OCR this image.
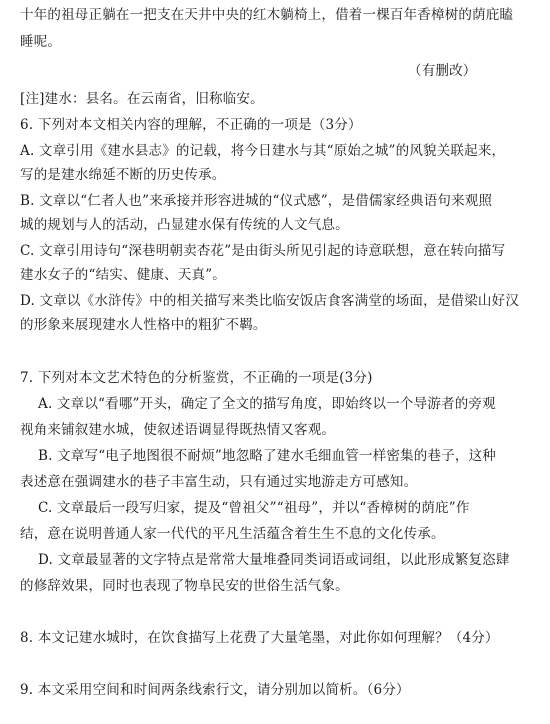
十年的祖母正躺在一把支在天井中央的红木躺椅上，借着一棵百年香樟树的荫庇瞌
睡呢。
（有删改）
[注]建水：县名。在云南省，旧称临安。
6. 下列对本文相关内容的理解，不正确的一项是（3分）
A. 文章引用《建水县志》的记载，将今日建水与其“原始之城”的风貌关联起来，
写的是建水绵延不断的历史传承。
B. 文章以“仁者人也”来承接并形容进城的“仪式感”，是借儒家经典语句来观照
城的规划与人的活动，凸显建水保有传统的人文气息。
C. 文章引用诗句“深巷明朝卖杏花”是由街头所见引起的诗意联想，意在转向描写
建水女子的“结实、健康、天真”。
D. 文章以《水浒传》中的相关描写来类比临安饭店食客满堂的场面，是借梁山好汉
的形象来展现建水人性格中的粗犷不羁。
7. 下列对本文艺术特色的分析鉴赏，不正确的一项是(3分)
A. 文章以“看哪”开头，确定了全文的描写角度，即始终以一个导游者的旁观
视角来铺叙建水城，使叙述语调显得既热情又客观。
B. 文章写“电子地图很不耐烦”地忽略了建水毛细血管一样密集的巷子，这种
表述意在强调建水的巷子丰富生动，只有通过实地游走方可感知。
C. 文章最后一段写归家，提及“曾祖父”“祖母”，并以“香樟树的荫庇”作
结，意在说明普通人家一代代的平凡生活蕴含着生生不息的文化传承。
D. 文章最显著的文字特点是常常大量堆叠同类词语或词组，以此形成繁复恣肆
的修辞效果，同时也表现了物阜民安的世俗生活气象。
8. 本文记建水城时，在饮食描写上花费了大量笔墨，对此你如何理解？（4分）
9. 本文采用空间和时间两条线索行文，请分别加以简析。（6分）
